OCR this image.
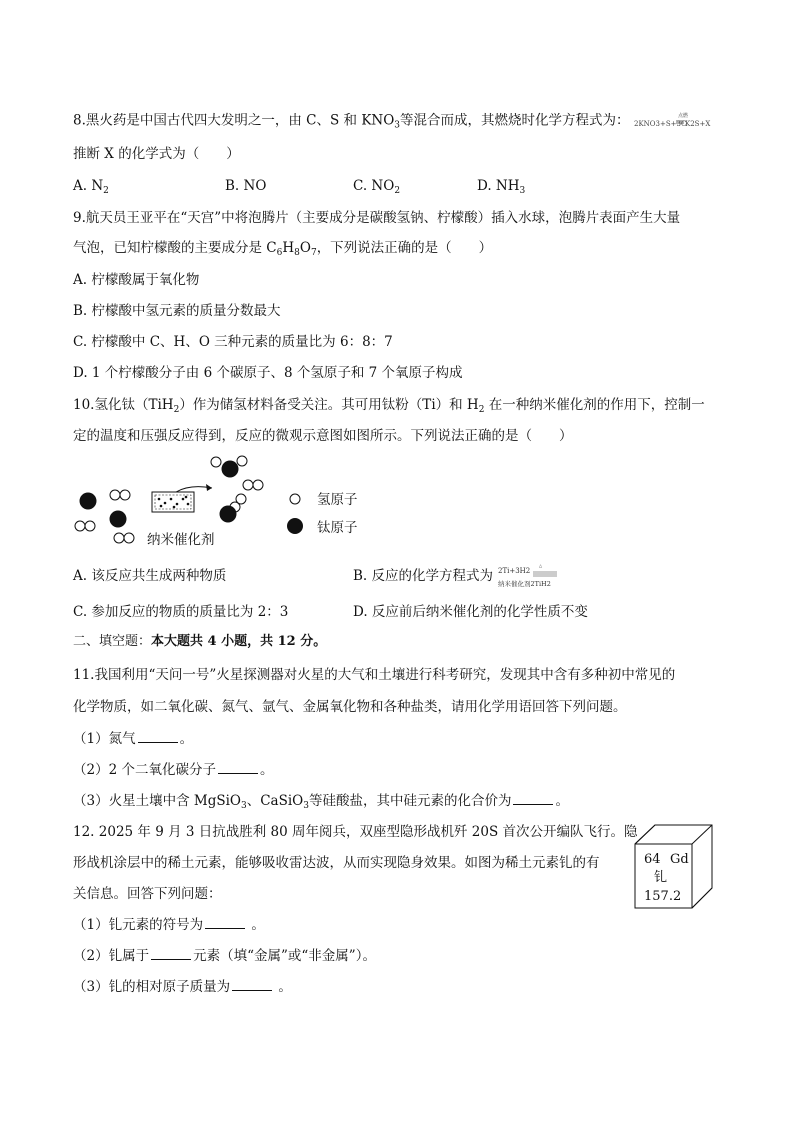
8.黑火药是中国古代四大发明之一，由 C、S 和 $KNO_3$等混合而成，其燃烧时化学方程式为： 2KNO3+S+3C
点燃
K2S+X
推断 X 的化学式为（　　）
A. $N_2$	B. NO	C. $NO_2$	D. $NH_3$
9.航天员王亚平在“天宫”中将泡腾片（主要成分是碳酸氢钠、柠檬酸）插入水球，泡腾片表面产生大量
气泡，已知柠檬酸的主要成分是 $C_6H_8O_7$，下列说法正确的是（　　）
A. 柠檬酸属于氧化物
B. 柠檬酸中氢元素的质量分数最大
C. 柠檬酸中 C、H、O 三种元素的质量比为 6：8：7
D. 1 个柠檬酸分子由 6 个碳原子、8 个氢原子和 7 个氧原子构成
10.氢化钛（TiH$_2$）作为储氢材料备受关注。其可用钛粉（Ti）和 $H_2$ 在一种纳米催化剂的作用下，控制一
定的温度和压强反应得到，反应的微观示意图如图所示。下列说法正确的是（　　）
纳米催化剂
氢原子
钛原子
A. 该反应共生成两种物质	B. 反应的化学方程式为 2Ti+3H2
△
纳米催化剂2TiH2
C. 参加反应的物质的质量比为 2：3	D. 反应前后纳米催化剂的化学性质不变
二、填空题：本大题共 4 小题，共 12 分。
11.我国利用“天问一号”火星探测器对火星的大气和土壤进行科考研究，发现其中含有多种初中常见的
化学物质，如二氧化碳、氮气、氩气、金属氧化物和各种盐类，请用化学用语回答下列问题。
（1）氮气	。
（2）2 个二氧化碳分子	。
（3）火星土壤中含 MgSiO$_3$、CaSiO$_3$等硅酸盐，其中硅元素的化合价为	。
12. 2025 年 9 月 3 日抗战胜利 80 周年阅兵，双座型隐形战机歼 20S 首次公开编队飞行。隐
形战机涂层中的稀土元素，能够吸收雷达波，从而实现隐身效果。如图为稀土元素钆的有
关信息。回答下列问题：
（1）钆元素的符号为	。
（2）钆属于	元素（填“金属”或“非金属”）。
（3）钆的相对原子质量为	。
64 Gd
钆
157.2
